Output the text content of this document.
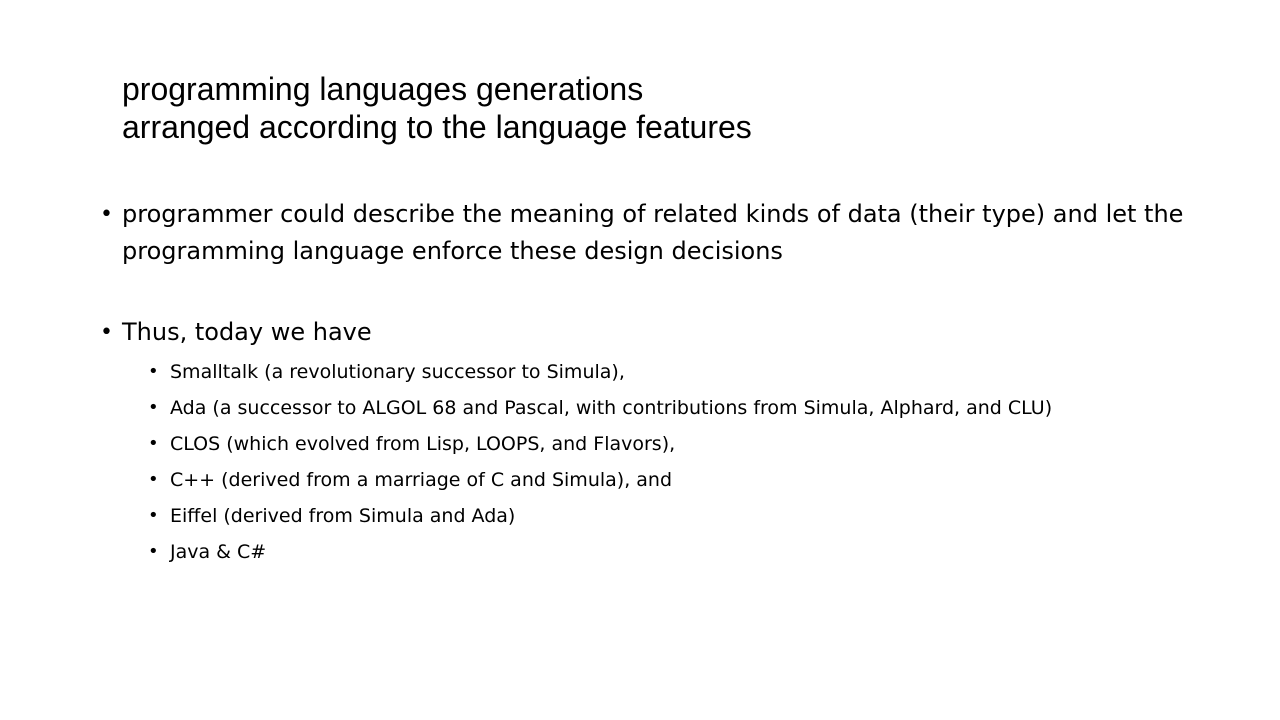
programming languages generations
arranged according to the language features
• programmer could describe the meaning of related kinds of data (their type) and let the programming language enforce these design decisions
• Thus, today we have
• Smalltalk (a revolutionary successor to Simula),
• Ada (a successor to ALGOL 68 and Pascal, with contributions from Simula, Alphard, and CLU)
• CLOS (which evolved from Lisp, LOOPS, and Flavors),
• C++ (derived from a marriage of C and Simula), and
• Eiffel (derived from Simula and Ada)
• Java & C#
